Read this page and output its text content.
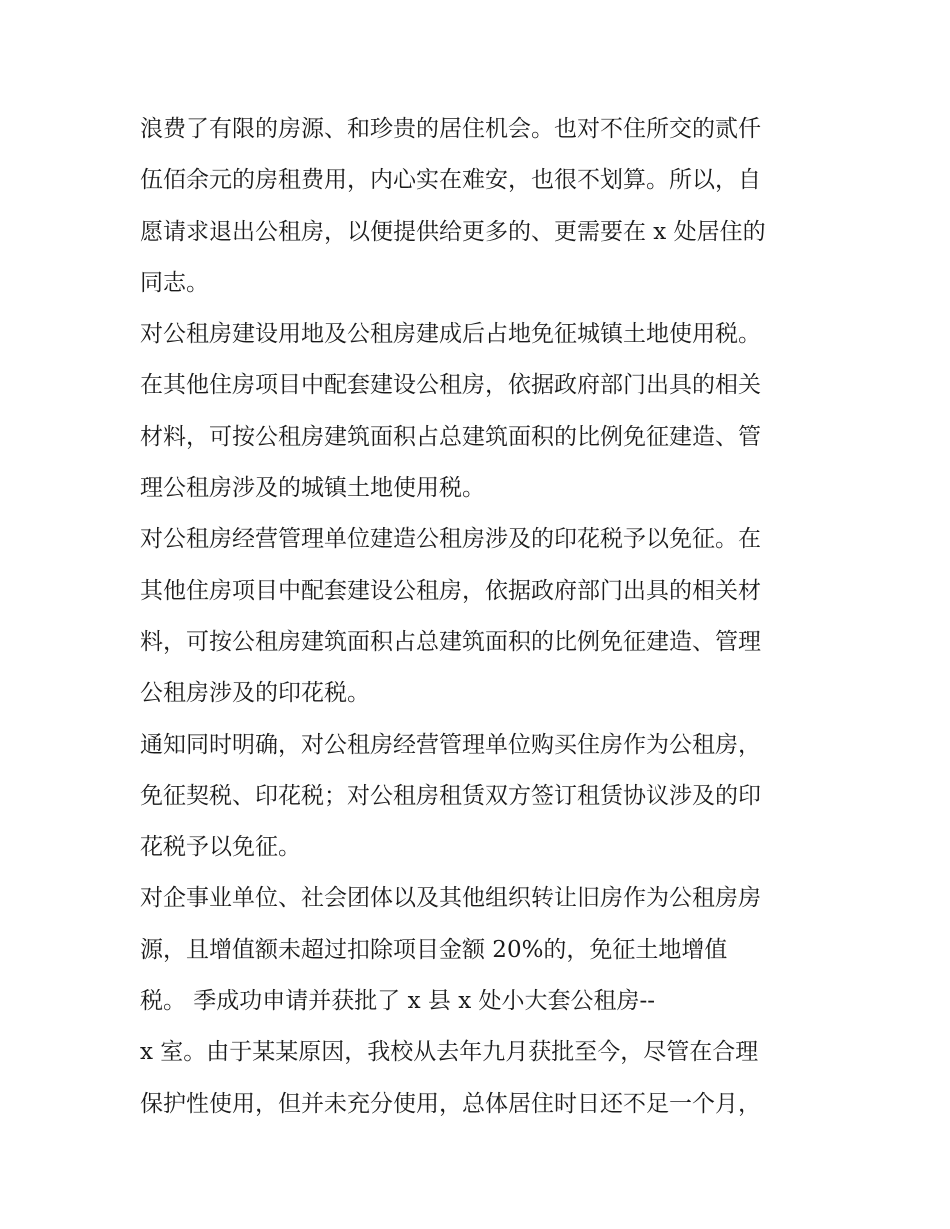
浪费了有限的房源、和珍贵的居住机会。也对不住所交的贰仟
伍佰余元的房租费用，内心实在难安，也很不划算。所以，自
愿请求退出公租房，以便提供给更多的、更需要在 x 处居住的
同志。
对公租房建设用地及公租房建成后占地免征城镇土地使用税。
在其他住房项目中配套建设公租房，依据政府部门出具的相关
材料，可按公租房建筑面积占总建筑面积的比例免征建造、管
理公租房涉及的城镇土地使用税。
对公租房经营管理单位建造公租房涉及的印花税予以免征。在
其他住房项目中配套建设公租房，依据政府部门出具的相关材
料，可按公租房建筑面积占总建筑面积的比例免征建造、管理
公租房涉及的印花税。
通知同时明确，对公租房经营管理单位购买住房作为公租房，
免征契税、印花税；对公租房租赁双方签订租赁协议涉及的印
花税予以免征。
对企事业单位、社会团体以及其他组织转让旧房作为公租房房
源，且增值额未超过扣除项目金额 20%的，免征土地增值
税。 季成功申请并获批了 x 县 x 处小大套公租房--
x 室。由于某某原因，我校从去年九月获批至今，尽管在合理
保护性使用，但并未充分使用，总体居住时日还不足一个月，
